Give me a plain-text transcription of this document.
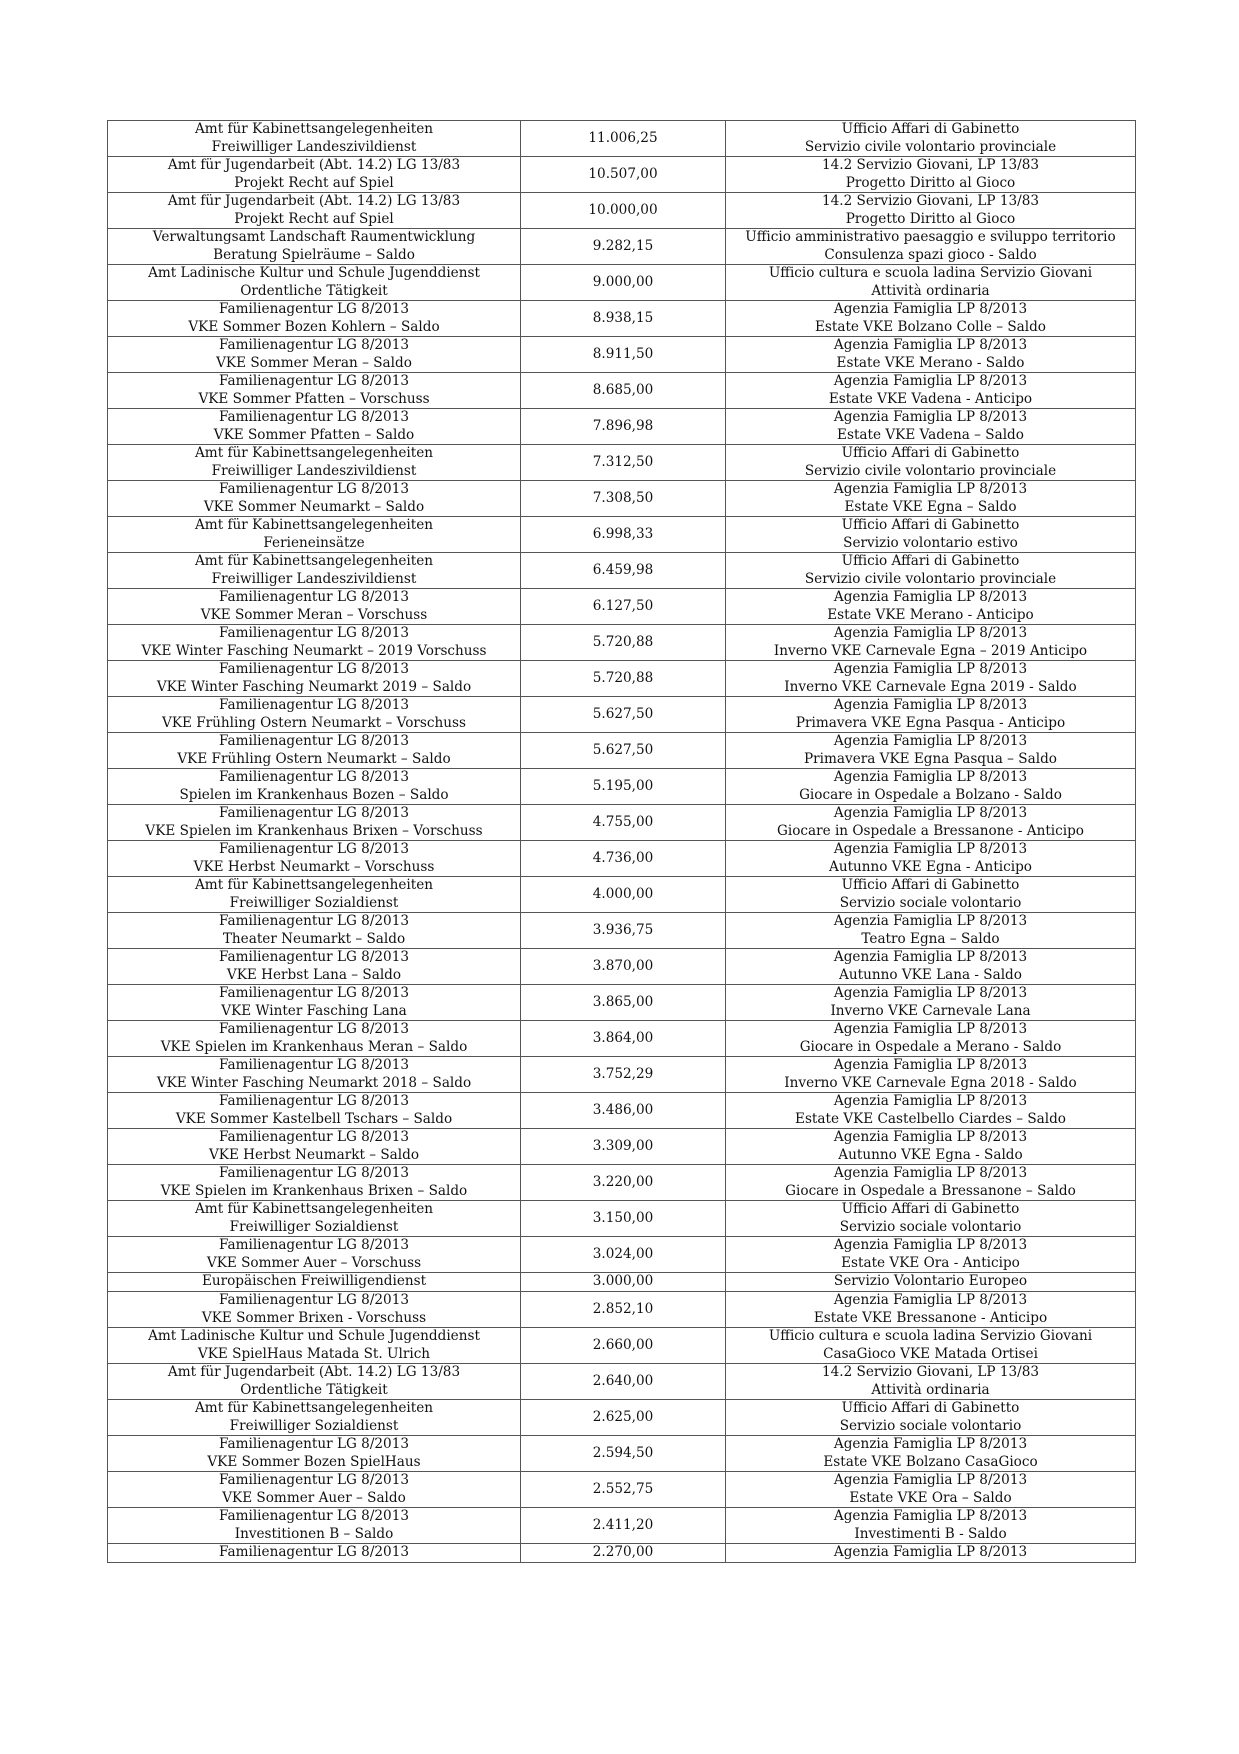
Amt für Kabinettsangelegenheiten
Freiwilliger Landeszivildienst	11.006,25	Ufficio Affari di Gabinetto
Servizio civile volontario provinciale

Amt für Jugendarbeit (Abt. 14.2) LG 13/83
Projekt Recht auf Spiel	10.507,00	14.2 Servizio Giovani, LP 13/83
Progetto Diritto al Gioco

Amt für Jugendarbeit (Abt. 14.2) LG 13/83
Projekt Recht auf Spiel	10.000,00	14.2 Servizio Giovani, LP 13/83
Progetto Diritto al Gioco

Verwaltungsamt Landschaft Raumentwicklung
Beratung Spielräume – Saldo	9.282,15	Ufficio amministrativo paesaggio e sviluppo territorio
Consulenza spazi gioco - Saldo

Amt Ladinische Kultur und Schule Jugenddienst
Ordentliche Tätigkeit	9.000,00	Ufficio cultura e scuola ladina Servizio Giovani
Attività ordinaria

Familienagentur LG 8/2013
VKE Sommer Bozen Kohlern – Saldo	8.938,15	Agenzia Famiglia LP 8/2013
Estate VKE Bolzano Colle – Saldo

Familienagentur LG 8/2013
VKE Sommer Meran – Saldo	8.911,50	Agenzia Famiglia LP 8/2013
Estate VKE Merano - Saldo

Familienagentur LG 8/2013
VKE Sommer Pfatten – Vorschuss	8.685,00	Agenzia Famiglia LP 8/2013
Estate VKE Vadena - Anticipo

Familienagentur LG 8/2013
VKE Sommer Pfatten – Saldo	7.896,98	Agenzia Famiglia LP 8/2013
Estate VKE Vadena – Saldo

Amt für Kabinettsangelegenheiten
Freiwilliger Landeszivildienst	7.312,50	Ufficio Affari di Gabinetto
Servizio civile volontario provinciale

Familienagentur LG 8/2013
VKE Sommer Neumarkt – Saldo	7.308,50	Agenzia Famiglia LP 8/2013
Estate VKE Egna – Saldo

Amt für Kabinettsangelegenheiten
Ferieneinsätze	6.998,33	Ufficio Affari di Gabinetto
Servizio volontario estivo

Amt für Kabinettsangelegenheiten
Freiwilliger Landeszivildienst	6.459,98	Ufficio Affari di Gabinetto
Servizio civile volontario provinciale

Familienagentur LG 8/2013
VKE Sommer Meran – Vorschuss	6.127,50	Agenzia Famiglia LP 8/2013
Estate VKE Merano - Anticipo

Familienagentur LG 8/2013
VKE Winter Fasching Neumarkt – 2019 Vorschuss	5.720,88	Agenzia Famiglia LP 8/2013
Inverno VKE Carnevale Egna – 2019 Anticipo

Familienagentur LG 8/2013
VKE Winter Fasching Neumarkt 2019 – Saldo	5.720,88	Agenzia Famiglia LP 8/2013
Inverno VKE Carnevale Egna 2019 - Saldo

Familienagentur LG 8/2013
VKE Frühling Ostern Neumarkt – Vorschuss	5.627,50	Agenzia Famiglia LP 8/2013
Primavera VKE Egna Pasqua - Anticipo

Familienagentur LG 8/2013
VKE Frühling Ostern Neumarkt – Saldo	5.627,50	Agenzia Famiglia LP 8/2013
Primavera VKE Egna Pasqua – Saldo

Familienagentur LG 8/2013
Spielen im Krankenhaus Bozen – Saldo	5.195,00	Agenzia Famiglia LP 8/2013
Giocare in Ospedale a Bolzano - Saldo

Familienagentur LG 8/2013
VKE Spielen im Krankenhaus Brixen – Vorschuss	4.755,00	Agenzia Famiglia LP 8/2013
Giocare in Ospedale a Bressanone - Anticipo

Familienagentur LG 8/2013
VKE Herbst Neumarkt – Vorschuss	4.736,00	Agenzia Famiglia LP 8/2013
Autunno VKE Egna - Anticipo

Amt für Kabinettsangelegenheiten
Freiwilliger Sozialdienst	4.000,00	Ufficio Affari di Gabinetto
Servizio sociale volontario

Familienagentur LG 8/2013
Theater Neumarkt – Saldo	3.936,75	Agenzia Famiglia LP 8/2013
Teatro Egna – Saldo

Familienagentur LG 8/2013
VKE Herbst Lana – Saldo	3.870,00	Agenzia Famiglia LP 8/2013
Autunno VKE Lana - Saldo

Familienagentur LG 8/2013
VKE Winter Fasching Lana	3.865,00	Agenzia Famiglia LP 8/2013
Inverno VKE Carnevale Lana

Familienagentur LG 8/2013
VKE Spielen im Krankenhaus Meran – Saldo	3.864,00	Agenzia Famiglia LP 8/2013
Giocare in Ospedale a Merano - Saldo

Familienagentur LG 8/2013
VKE Winter Fasching Neumarkt 2018 – Saldo	3.752,29	Agenzia Famiglia LP 8/2013
Inverno VKE Carnevale Egna 2018 - Saldo

Familienagentur LG 8/2013
VKE Sommer Kastelbell Tschars – Saldo	3.486,00	Agenzia Famiglia LP 8/2013
Estate VKE Castelbello Ciardes – Saldo

Familienagentur LG 8/2013
VKE Herbst Neumarkt – Saldo	3.309,00	Agenzia Famiglia LP 8/2013
Autunno VKE Egna - Saldo

Familienagentur LG 8/2013
VKE Spielen im Krankenhaus Brixen – Saldo	3.220,00	Agenzia Famiglia LP 8/2013
Giocare in Ospedale a Bressanone – Saldo

Amt für Kabinettsangelegenheiten
Freiwilliger Sozialdienst	3.150,00	Ufficio Affari di Gabinetto
Servizio sociale volontario

Familienagentur LG 8/2013
VKE Sommer Auer – Vorschuss	3.024,00	Agenzia Famiglia LP 8/2013
Estate VKE Ora - Anticipo

Europäischen Freiwilligendienst	3.000,00	Servizio Volontario Europeo

Familienagentur LG 8/2013
VKE Sommer Brixen - Vorschuss	2.852,10	Agenzia Famiglia LP 8/2013
Estate VKE Bressanone - Anticipo

Amt Ladinische Kultur und Schule Jugenddienst
VKE SpielHaus Matada St. Ulrich	2.660,00	Ufficio cultura e scuola ladina Servizio Giovani
CasaGioco VKE Matada Ortisei

Amt für Jugendarbeit (Abt. 14.2) LG 13/83
Ordentliche Tätigkeit	2.640,00	14.2 Servizio Giovani, LP 13/83
Attività ordinaria

Amt für Kabinettsangelegenheiten
Freiwilliger Sozialdienst	2.625,00	Ufficio Affari di Gabinetto
Servizio sociale volontario

Familienagentur LG 8/2013
VKE Sommer Bozen SpielHaus	2.594,50	Agenzia Famiglia LP 8/2013
Estate VKE Bolzano CasaGioco

Familienagentur LG 8/2013
VKE Sommer Auer – Saldo	2.552,75	Agenzia Famiglia LP 8/2013
Estate VKE Ora – Saldo

Familienagentur LG 8/2013
Investitionen B – Saldo	2.411,20	Agenzia Famiglia LP 8/2013
Investimenti B - Saldo

Familienagentur LG 8/2013	2.270,00	Agenzia Famiglia LP 8/2013
